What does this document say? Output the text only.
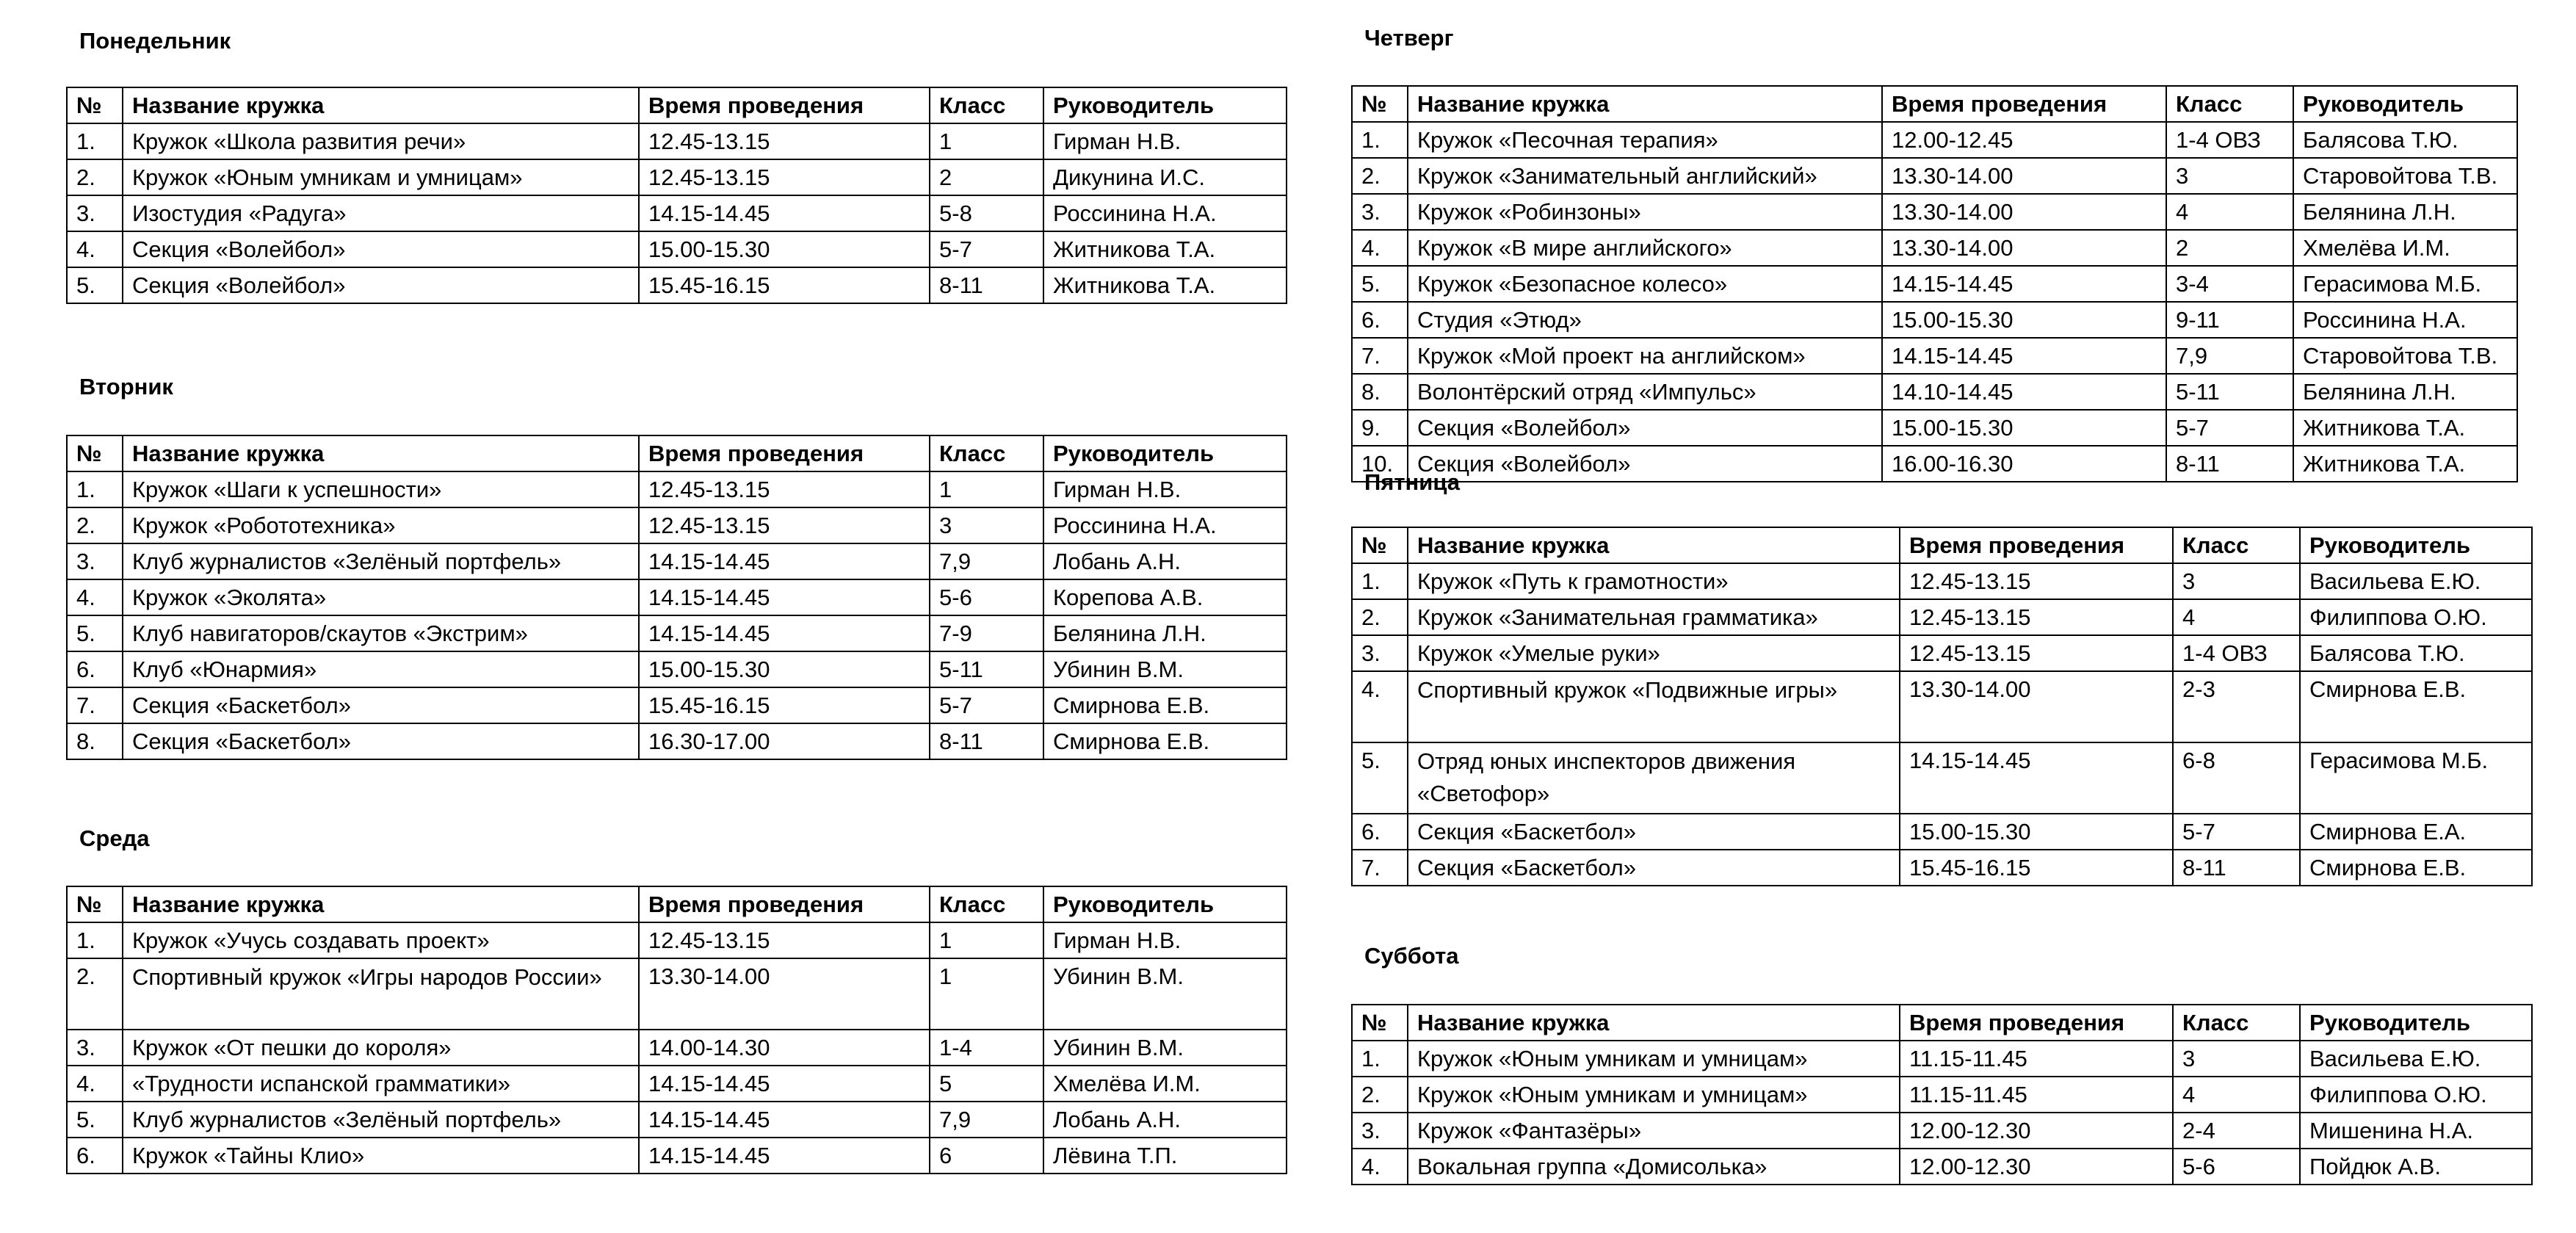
Понедельник
№	Название кружка	Время проведения	Класс	Руководитель
1.	Кружок «Школа развития речи»	12.45-13.15	1	Гирман Н.В.
2.	Кружок «Юным умникам и умницам»	12.45-13.15	2	Дикунина И.С.
3.	Изостудия «Радуга»	14.15-14.45	5-8	Россинина Н.А.
4.	Секция «Волейбол»	15.00-15.30	5-7	Житникова Т.А.
5.	Секция «Волейбол»	15.45-16.15	8-11	Житникова Т.А.
Вторник
№	Название кружка	Время проведения	Класс	Руководитель
1.	Кружок «Шаги к успешности»	12.45-13.15	1	Гирман Н.В.
2.	Кружок «Робототехника»	12.45-13.15	3	Россинина Н.А.
3.	Клуб журналистов «Зелёный портфель»	14.15-14.45	7,9	Лобань А.Н.
4.	Кружок «Эколята»	14.15-14.45	5-6	Корепова А.В.
5.	Клуб навигаторов/скаутов «Экстрим»	14.15-14.45	7-9	Белянина Л.Н.
6.	Клуб «Юнармия»	15.00-15.30	5-11	Убинин В.М.
7.	Секция «Баскетбол»	15.45-16.15	5-7	Смирнова Е.В.
8.	Секция «Баскетбол»	16.30-17.00	8-11	Смирнова Е.В.
Среда
№	Название кружка	Время проведения	Класс	Руководитель
1.	Кружок «Учусь создавать проект»	12.45-13.15	1	Гирман Н.В.
2.	Спортивный кружок «Игры народов России»	13.30-14.00	1	Убинин В.М.
3.	Кружок «От пешки до короля»	14.00-14.30	1-4	Убинин В.М.
4.	«Трудности испанской грамматики»	14.15-14.45	5	Хмелёва И.М.
5.	Клуб журналистов «Зелёный портфель»	14.15-14.45	7,9	Лобань А.Н.
6.	Кружок «Тайны Клио»	14.15-14.45	6	Лёвина Т.П.
Четверг
№	Название кружка	Время проведения	Класс	Руководитель
1.	Кружок «Песочная терапия»	12.00-12.45	1-4 ОВЗ	Балясова Т.Ю.
2.	Кружок «Занимательный английский»	13.30-14.00	3	Старовойтова Т.В.
3.	Кружок «Робинзоны»	13.30-14.00	4	Белянина Л.Н.
4.	Кружок «В мире английского»	13.30-14.00	2	Хмелёва И.М.
5.	Кружок «Безопасное колесо»	14.15-14.45	3-4	Герасимова М.Б.
6.	Студия «Этюд»	15.00-15.30	9-11	Россинина Н.А.
7.	Кружок «Мой проект на английском»	14.15-14.45	7,9	Старовойтова Т.В.
8.	Волонтёрский отряд «Импульс»	14.10-14.45	5-11	Белянина Л.Н.
9.	Секция «Волейбол»	15.00-15.30	5-7	Житникова Т.А.
10.	Секция «Волейбол»	16.00-16.30	8-11	Житникова Т.А.
Пятница
№	Название кружка	Время проведения	Класс	Руководитель
1.	Кружок «Путь к грамотности»	12.45-13.15	3	Васильева Е.Ю.
2.	Кружок «Занимательная грамматика»	12.45-13.15	4	Филиппова О.Ю.
3.	Кружок «Умелые руки»	12.45-13.15	1-4 ОВЗ	Балясова Т.Ю.
4.	Спортивный кружок «Подвижные игры»	13.30-14.00	2-3	Смирнова Е.В.
5.	Отряд юных инспекторов движения «Светофор»	14.15-14.45	6-8	Герасимова М.Б.
6.	Секция «Баскетбол»	15.00-15.30	5-7	Смирнова Е.А.
7.	Секция «Баскетбол»	15.45-16.15	8-11	Смирнова Е.В.
Суббота
№	Название кружка	Время проведения	Класс	Руководитель
1.	Кружок «Юным умникам и умницам»	11.15-11.45	3	Васильева Е.Ю.
2.	Кружок «Юным умникам и умницам»	11.15-11.45	4	Филиппова О.Ю.
3.	Кружок «Фантазёры»	12.00-12.30	2-4	Мишенина Н.А.
4.	Вокальная группа «Домисолька»	12.00-12.30	5-6	Пойдюк А.В.
